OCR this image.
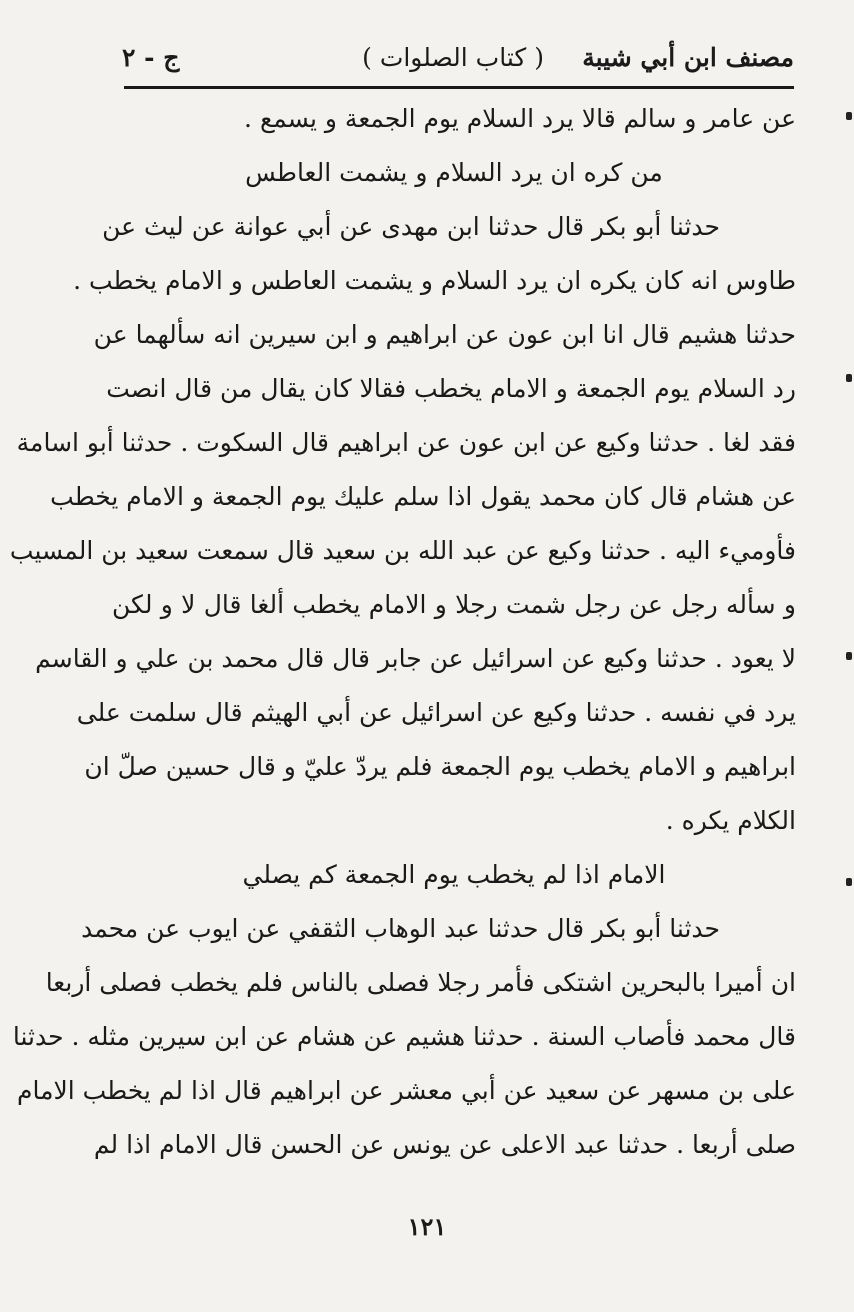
مصنف ابن أبي شيبة
( كتاب الصلوات )
ج - ٢
عن عامر و سالم قالا يرد السلام يوم الجمعة و يسمع .
من كره ان يرد السلام و يشمت العاطس
حدثنا أبو بكر قال حدثنا ابن مهدى عن أبي عوانة عن ليث عن
طاوس انه كان يكره ان يرد السلام و يشمت العاطس و الامام يخطب .
حدثنا هشيم قال انا ابن عون عن ابراهيم و ابن سيرين انه سألهما عن
رد السلام يوم الجمعة و الامام يخطب فقالا كان يقال من قال انصت
فقد لغا . حدثنا وكيع عن ابن عون عن ابراهيم قال السكوت . حدثنا أبو اسامة
عن هشام قال كان محمد يقول اذا سلم عليك يوم الجمعة و الامام يخطب
فأوميء اليه . حدثنا وكيع عن عبد الله بن سعيد قال سمعت سعيد بن المسيب
و سأله رجل عن رجل شمت رجلا و الامام يخطب ألغا قال لا و لكن
لا يعود . حدثنا وكيع عن اسرائيل عن جابر قال قال محمد بن علي و القاسم
يرد في نفسه . حدثنا وكيع عن اسرائيل عن أبي الهيثم قال سلمت على
ابراهيم و الامام يخطب يوم الجمعة فلم يردّ عليّ و قال حسين صلّ ان
الكلام يكره .
الامام اذا لم يخطب يوم الجمعة كم يصلي
حدثنا أبو بكر قال حدثنا عبد الوهاب الثقفي عن ايوب عن محمد
ان أميرا بالبحرين اشتكى فأمر رجلا فصلى بالناس فلم يخطب فصلى أربعا
قال محمد فأصاب السنة . حدثنا هشيم عن هشام عن ابن سيرين مثله . حدثنا
على بن مسهر عن سعيد عن أبي معشر عن ابراهيم قال اذا لم يخطب الامام
صلى أربعا . حدثنا عبد الاعلى عن يونس عن الحسن قال الامام اذا لم
١٢١
